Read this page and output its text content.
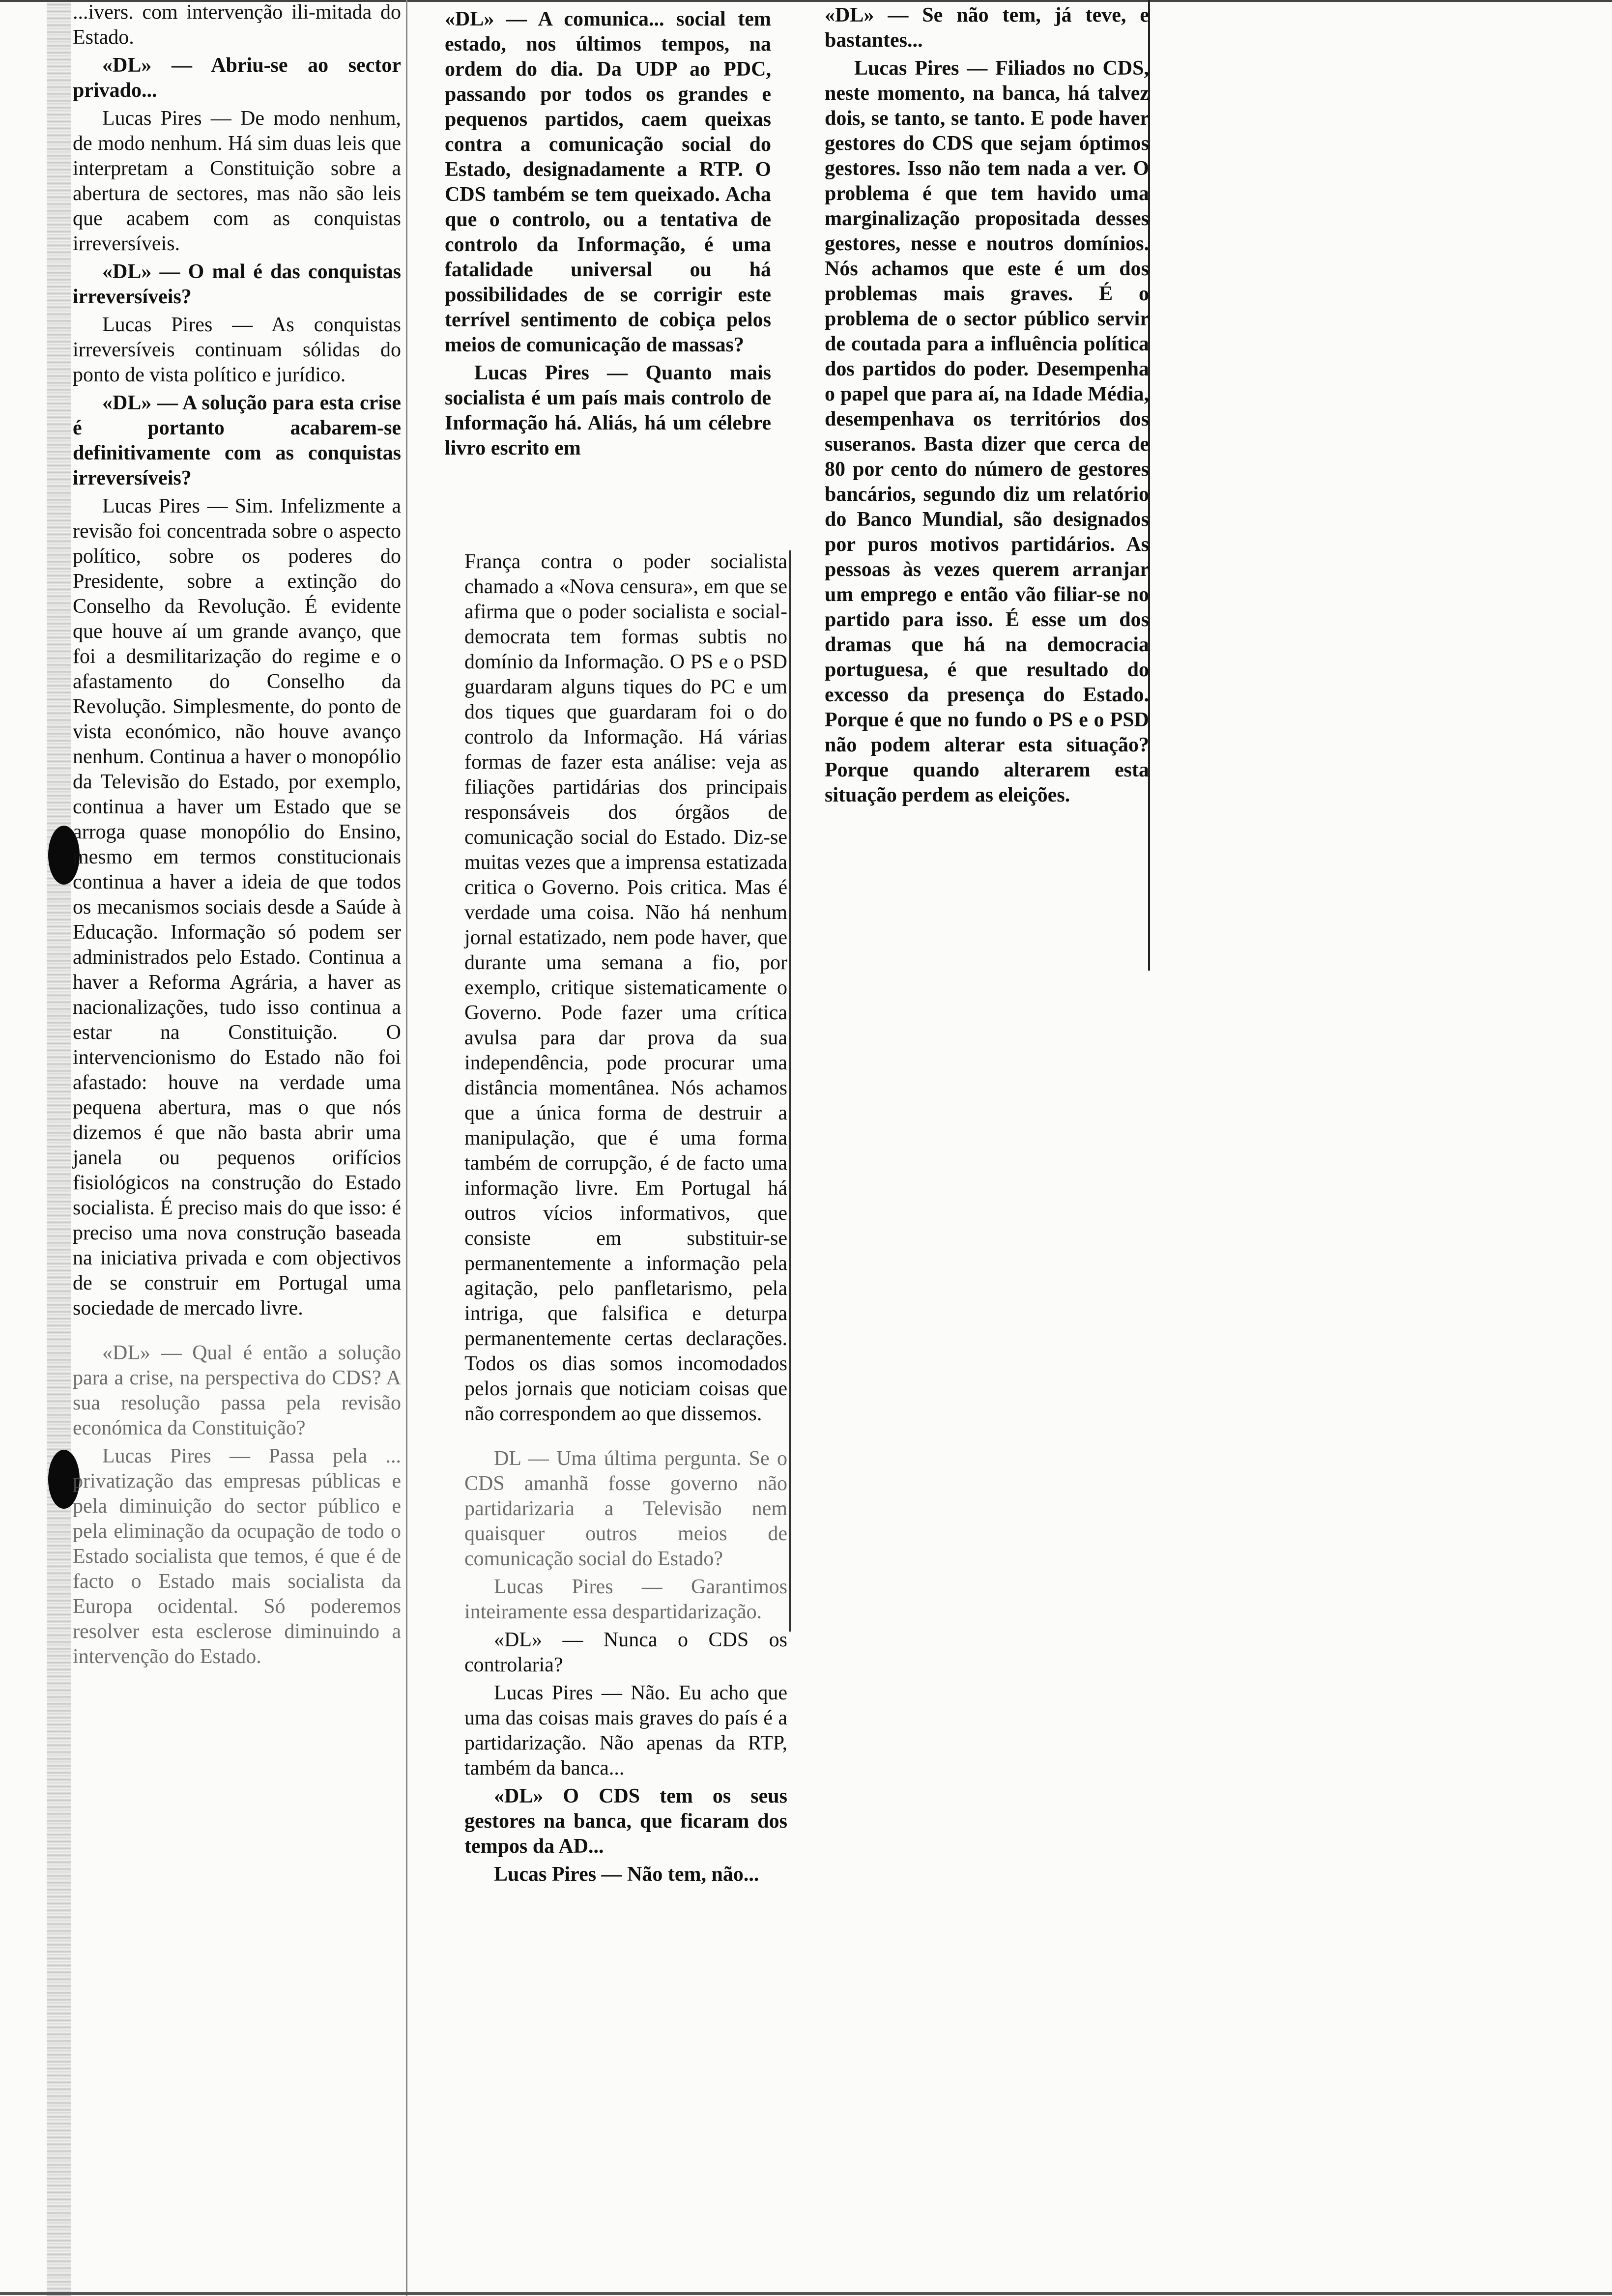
...ivers. com intervenção ili-mitada do Estado.

«DL» — Abriu-se ao sector privado...

Lucas Pires — De modo nenhum, de modo nenhum. Há sim duas leis que interpretam a Constituição sobre a abertura de sectores, mas não são leis que acabem com as conquistas irreversíveis.

«DL» — O mal é das conquistas irreversíveis?

Lucas Pires — As conquistas irreversíveis continuam sólidas do ponto de vista político e jurídico.

«DL» — A solução para esta crise é portanto acabarem-se definitivamente com as conquistas irreversíveis?

Lucas Pires — Sim. Infelizmente a revisão foi concentrada sobre o aspecto político, sobre os poderes do Presidente, sobre a extinção do Conselho da Revolução. É evidente que houve aí um grande avanço, que foi a desmilitarização do regime e o afastamento do Conselho da Revolução. Simplesmente, do ponto de vista económico, não houve avanço nenhum. Continua a haver o monopólio da Televisão do Estado, por exemplo, continua a haver um Estado que se arroga quase monopólio do Ensino, mesmo em termos constitucionais continua a haver a ideia de que todos os mecanismos sociais desde a Saúde à Educação. Informação só podem ser administrados pelo Estado. Continua a haver a Reforma Agrária, a haver as nacionalizações, tudo isso continua a estar na Constituição. O intervencionismo do Estado não foi afastado: houve na verdade uma pequena abertura, mas o que nós dizemos é que não basta abrir uma janela ou pequenos orifícios fisiológicos na construção do Estado socialista. É preciso mais do que isso: é preciso uma nova construção baseada na iniciativa privada e com objectivos de se construir em Portugal uma sociedade de mercado livre.

«DL» — Qual é então a solução para a crise, na perspectiva do CDS? A sua resolução passa pela revisão económica da Constituição?

Lucas Pires — Passa pela ... privatização das empresas públicas e pela diminuição do sector público e pela eliminação da ocupação de todo o Estado socialista que temos, é que é de facto o Estado mais socialista da Europa ocidental. Só poderemos resolver esta esclerose diminuindo a intervenção do Estado.

«DL» — A comunica... social tem estado, nos últimos tempos, na ordem do dia. Da UDP ao PDC, passando por todos os grandes e pequenos partidos, caem queixas contra a comunicação social do Estado, designadamente a RTP. O CDS também se tem queixado. Acha que o controlo, ou a tentativa de controlo da Informação, é uma fatalidade universal ou há possibilidades de se corrigir este terrível sentimento de cobiça pelos meios de comunicação de massas?

Lucas Pires — Quanto mais socialista é um país mais controlo de Informação há. Aliás, há um célebre livro escrito em

França contra o poder socialista chamado a «Nova censura», em que se afirma que o poder socialista e social-democrata tem formas subtis no domínio da Informação. O PS e o PSD guardaram alguns tiques do PC e um dos tiques que guardaram foi o do controlo da Informação. Há várias formas de fazer esta análise: veja as filiações partidárias dos principais responsáveis dos órgãos de comunicação social do Estado. Diz-se muitas vezes que a imprensa estatizada critica o Governo. Pois critica. Mas é verdade uma coisa. Não há nenhum jornal estatizado, nem pode haver, que durante uma semana a fio, por exemplo, critique sistematicamente o Governo. Pode fazer uma crítica avulsa para dar prova da sua independência, pode procurar uma distância momentânea. Nós achamos que a única forma de destruir a manipulação, que é uma forma também de corrupção, é de facto uma informação livre. Em Portugal há outros vícios informativos, que consiste em substituir-se permanentemente a informação pela agitação, pelo panfletarismo, pela intriga, que falsifica e deturpa permanentemente certas declarações. Todos os dias somos incomodados pelos jornais que noticiam coisas que não correspondem ao que dissemos.

DL — Uma última pergunta. Se o CDS amanhã fosse governo não partidarizaria a Televisão nem quaisquer outros meios de comunicação social do Estado?

Lucas Pires — Garantimos inteiramente essa despartidarização.

«DL» — Nunca o CDS os controlaria?

Lucas Pires — Não. Eu acho que uma das coisas mais graves do país é a partidarização. Não apenas da RTP, também da banca...

«DL» O CDS tem os seus gestores na banca, que ficaram dos tempos da AD...

Lucas Pires — Não tem, não...

«DL» — Se não tem, já teve, e bastantes...

Lucas Pires — Filiados no CDS, neste momento, na banca, há talvez dois, se tanto, se tanto. E pode haver gestores do CDS que sejam óptimos gestores. Isso não tem nada a ver. O problema é que tem havido uma marginalização propositada desses gestores, nesse e noutros domínios. Nós achamos que este é um dos problemas mais graves. É o problema de o sector público servir de coutada para a influência política dos partidos do poder. Desempenha o papel que para aí, na Idade Média, desempenhava os territórios dos suseranos. Basta dizer que cerca de 80 por cento do número de gestores bancários, segundo diz um relatório do Banco Mundial, são designados por puros motivos partidários. As pessoas às vezes querem arranjar um emprego e então vão filiar-se no partido para isso. É esse um dos dramas que há na democracia portuguesa, é que resultado do excesso da presença do Estado. Porque é que no fundo o PS e o PSD não podem alterar esta situação? Porque quando alterarem esta situação perdem as eleições.
